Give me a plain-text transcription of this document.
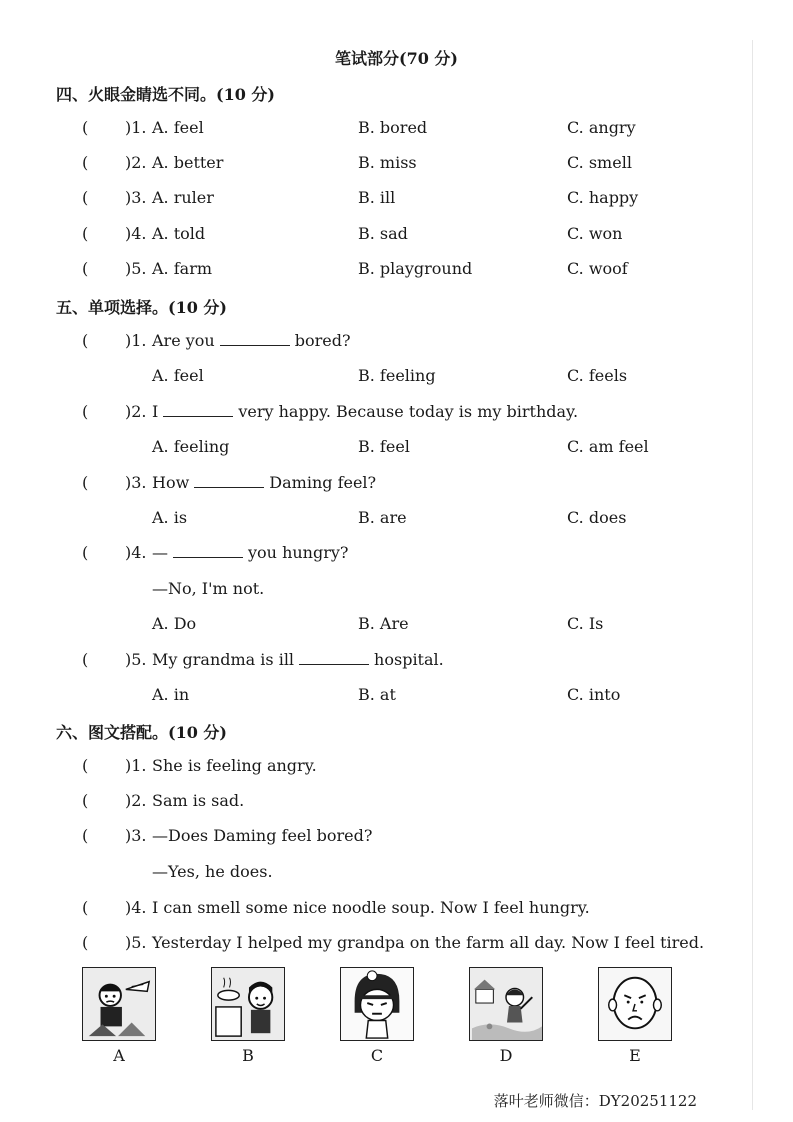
笔试部分(70 分)
四、火眼金睛选不同。(10 分)
( )1. A. feel	B. bored	C. angry
( )2. A. better	B. miss	C. smell
( )3. A. ruler	B. ill	C. happy
( )4. A. told	B. sad	C. won
( )5. A. farm	B. playground	C. woof
五、单项选择。(10 分)
( )1. Are you	bored?
A. feel	B. feeling	C. feels
( )2. I	very happy. Because today is my birthday.
A. feeling	B. feel	C. am feel
( )3. How	Daming feel?
A. is	B. are	C. does
( )4. —	you hungry?
—No, I'm not.
A. Do	B. Are	C. Is
( )5. My grandma is ill	hospital.
A. in	B. at	C. into
六、图文搭配。(10 分)
( )1. She is feeling angry.
( )2. Sam is sad.
( )3. —Does Daming feel bored?
—Yes, he does.
( )4. I can smell some nice noodle soup. Now I feel hungry.
( )5. Yesterday I helped my grandpa on the farm all day. Now I feel tired.
A	B	C	D	E
落叶老师微信：DY20251122
